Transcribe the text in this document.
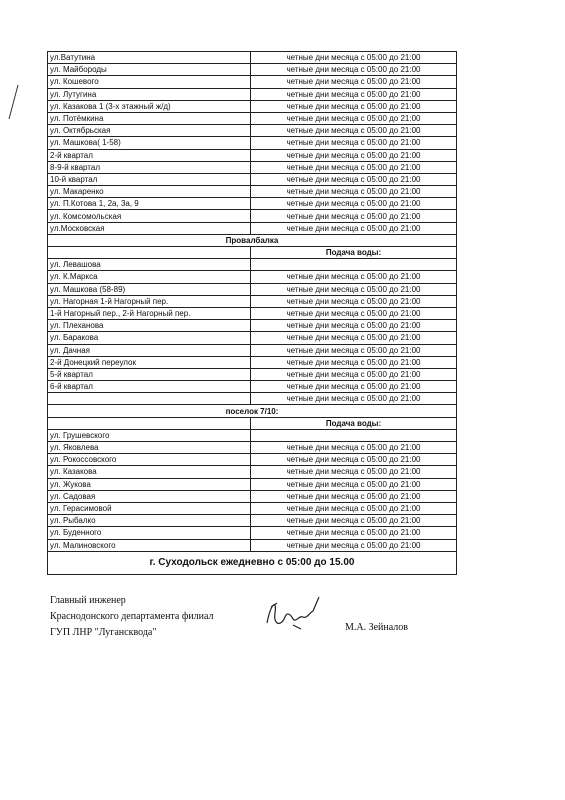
ул.Ватутина	четные дни месяца с 05:00 до 21:00
ул. Майбороды	четные дни месяца с 05:00 до 21:00
ул. Кошевого	четные дни месяца с 05:00 до 21:00
ул. Лутугина	четные дни месяца с 05:00 до 21:00
ул. Казакова 1 (3-х этажный ж/д)	четные дни месяца с 05:00 до 21:00
ул. Потёмкина	четные дни месяца с 05:00 до 21:00
ул. Октябрьская	четные дни месяца с 05:00 до 21:00
ул. Машкова( 1-58)	четные дни месяца с 05:00 до 21:00
2-й квартал	четные дни месяца с 05:00 до 21:00
8-9-й квартал	четные дни месяца с 05:00 до 21:00
10-й квартал	четные дни месяца с 05:00 до 21:00
ул. Макаренко	четные дни месяца с 05:00 до 21:00
ул. П.Котова 1, 2а, 3а, 9	четные дни месяца с 05:00 до 21:00
ул. Комсомольская	четные дни месяца с 05:00 до 21:00
ул.Московская	четные дни месяца с 05:00 до 21:00
Провалбалка	
	Подача воды:
ул. Левашова	
ул. К.Маркса	четные дни месяца с 05:00 до 21:00
ул. Машкова (58-89)	четные дни месяца с 05:00 до 21:00
ул. Нагорная 1-й Нагорный пер.	четные дни месяца с 05:00 до 21:00
1-й Нагорный пер., 2-й Нагорный пер.	четные дни месяца с 05:00 до 21:00
ул. Плеханова	четные дни месяца с 05:00 до 21:00
ул. Баракова	четные дни месяца с 05:00 до 21:00
ул. Дачная	четные дни месяца с 05:00 до 21:00
2-й Донецкий переулок	четные дни месяца с 05:00 до 21:00
5-й квартал	четные дни месяца с 05:00 до 21:00
6-й квартал	четные дни месяца с 05:00 до 21:00
	четные дни месяца с 05:00 до 21:00
поселок 7/10:	
	Подача воды:
ул. Грушевского	
ул. Яковлева	четные дни месяца с 05:00 до 21:00
ул. Рокоссовского	четные дни месяца с 05:00 до 21:00
ул. Казакова	четные дни месяца с 05:00 до 21:00
ул. Жукова	четные дни месяца с 05:00 до 21:00
ул. Садовая	четные дни месяца с 05:00 до 21:00
ул. Герасимовой	четные дни месяца с 05:00 до 21:00
ул. Рыбалко	четные дни месяца с 05:00 до 21:00
ул. Буденного	четные дни месяца с 05:00 до 21:00
ул. Малиновского	четные дни месяца с 05:00 до 21:00
г. Суходольск ежедневно с 05:00 до 15.00	
Главный инженер
Краснодонского департамента филиал
ГУП ЛНР "Луганскводa"	М.А. Зейналов
